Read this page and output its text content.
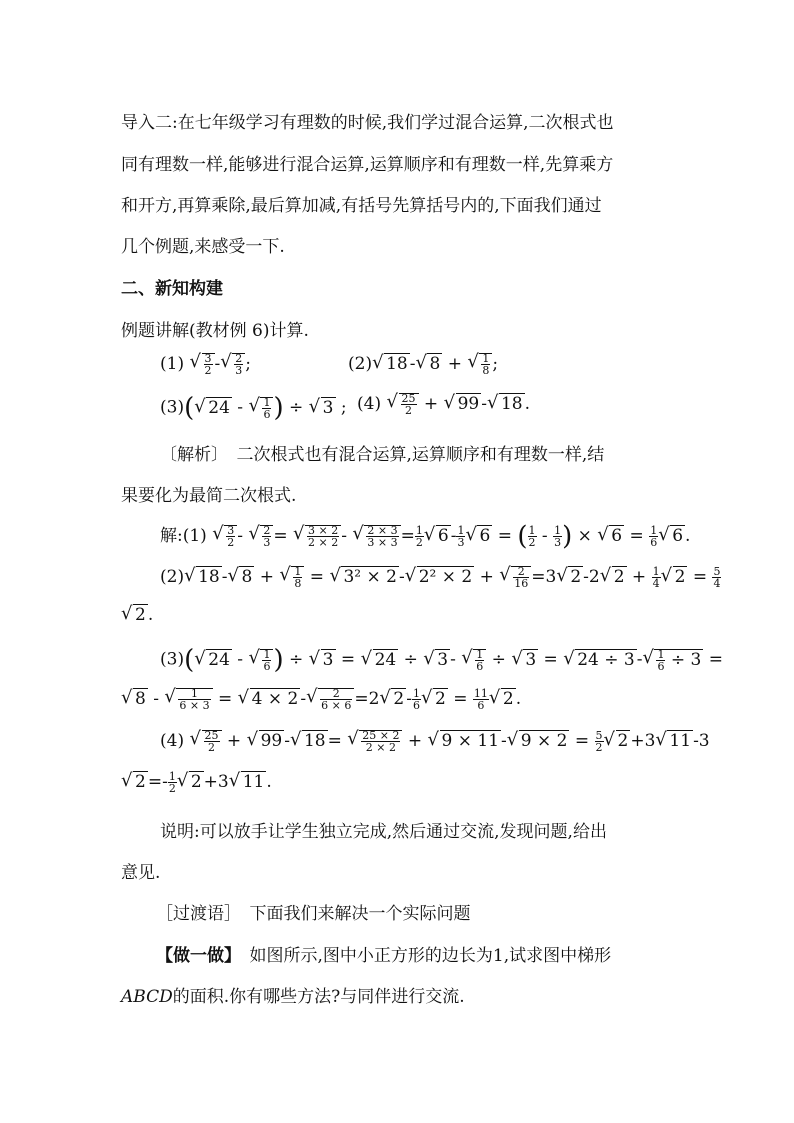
导入二:在七年级学习有理数的时候,我们学过混合运算,二次根式也
同有理数一样,能够进行混合运算,运算顺序和有理数一样,先算乘方
和开方,再算乘除,最后算加减,有括号先算括号内的,下面我们通过
几个例题,来感受一下.
二、新知构建
例题讲解(教材例 6)计算.
(1)
√ $\frac{3}{2}$ -
√ $\frac{2}{3}$ ;	(2)√ 18 -√ 8 +
√ $\frac{1}{8}$ ;
(3)(√ 24 -
√ $\frac{1}{6}$ ) ÷ √ 3 ; (4)
√ $\frac{25}{2}$ + √ 99 -√ 18 .
〔解析〕　二次根式也有混合运算,运算顺序和有理数一样,结
果要化为最简二次根式.
解:(1)
√ $\frac{3}{2}$ -
√ $\frac{2}{3}$ =
√ $\frac{3 \times 2}{2 \times 2}$ -
√ $\frac{2 \times 3}{3 \times 3} = \frac{1}{2}$
√ $6 - \frac{1}{3}$
√ 6 = ( $\frac{1}{2} - \frac{1}{3}$ ) × √ $6 = \frac{1}{6}$
√ 6 .
(2)√ 18 -√ 8 +
√ $\frac{1}{8}$ = √ 3² × 2 -√ 2² × 2 +
√ $\frac{2}{16} =3√$ 2 -2√ $2 + \frac{1}{4}$
√ $2 = \frac{5}{4}$
√ 2 .
(3)(√ 24 -
√ $\frac{1}{6}$ ) ÷ √ 3 = √ 24 ÷ √ 3 -
√ $\frac{1}{6}$ ÷ √ 3 = √ 24 ÷ 3 -
√ $\frac{1}{6} \div 3$ =
√ 8 -
√ $\frac{1}{6 \times 3}$ = √ 4 × 2 -
√ $\frac{2}{6 \times 6} =2√$ $2 - \frac{1}{6}$
√ $2 = \frac{11}{6}$
√ 2 .
(4)
√ $\frac{25}{2}$ + √ 99 -√ 18 =
√ $\frac{25 \times 2}{2 \times 2}$ + √ 9 × 11 -√ $9 \times 2 = \frac{5}{2}$
√ 2 +3√ 11 -3
√ $2 =- \frac{1}{2}$
√ 2 +3√ 11 .
说明:可以放手让学生独立完成,然后通过交流,发现问题,给出
意见.
［过渡语］　下面我们来解决一个实际问题
【做一做】　如图所示,图中小正方形的边长为1,试求图中梯形
ABCD的面积.你有哪些方法?与同伴进行交流.
